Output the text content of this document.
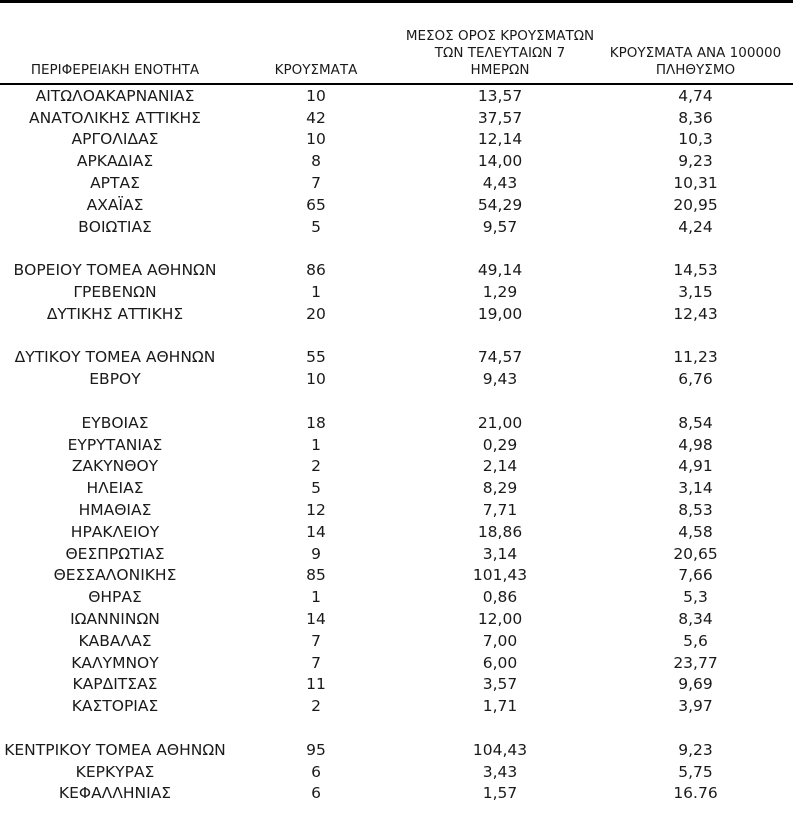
ΠΕΡΙΦΕΡΕΙΑΚΗ ΕΝΟΤΗΤΑ	ΚΡΟΥΣΜΑΤΑ	ΜΕΣΟΣ ΟΡΟΣ ΚΡΟΥΣΜΑΤΩΝ
ΤΩΝ ΤΕΛΕΥΤΑΙΩΝ 7
ΗΜΕΡΩΝ	ΚΡΟΥΣΜΑΤΑ ΑΝΑ 100000
ΠΛΗΘΥΣΜΟ

ΑΙΤΩΛΟΑΚΑΡΝΑΝΙΑΣ	10	13,57	4,74
ΑΝΑΤΟΛΙΚΗΣ ΑΤΤΙΚΗΣ	42	37,57	8,36
ΑΡΓΟΛΙΔΑΣ	10	12,14	10,3
ΑΡΚΑΔΙΑΣ	8	14,00	9,23
ΑΡΤΑΣ	7	4,43	10,31
ΑΧΑΪΑΣ	65	54,29	20,95
ΒΟΙΩΤΙΑΣ	5	9,57	4,24

ΒΟΡΕΙΟΥ ΤΟΜΕΑ ΑΘΗΝΩΝ	86	49,14	14,53
ΓΡΕΒΕΝΩΝ	1	1,29	3,15
ΔΥΤΙΚΗΣ ΑΤΤΙΚΗΣ	20	19,00	12,43

ΔΥΤΙΚΟΥ ΤΟΜΕΑ ΑΘΗΝΩΝ	55	74,57	11,23
ΕΒΡΟΥ	10	9,43	6,76

ΕΥΒΟΙΑΣ	18	21,00	8,54
ΕΥΡΥΤΑΝΙΑΣ	1	0,29	4,98
ΖΑΚΥΝΘΟΥ	2	2,14	4,91
ΗΛΕΙΑΣ	5	8,29	3,14
ΗΜΑΘΙΑΣ	12	7,71	8,53
ΗΡΑΚΛΕΙΟΥ	14	18,86	4,58
ΘΕΣΠΡΩΤΙΑΣ	9	3,14	20,65
ΘΕΣΣΑΛΟΝΙΚΗΣ	85	101,43	7,66
ΘΗΡΑΣ	1	0,86	5,3
ΙΩΑΝΝΙΝΩΝ	14	12,00	8,34
ΚΑΒΑΛΑΣ	7	7,00	5,6
ΚΑΛΥΜΝΟΥ	7	6,00	23,77
ΚΑΡΔΙΤΣΑΣ	11	3,57	9,69
ΚΑΣΤΟΡΙΑΣ	2	1,71	3,97

ΚΕΝΤΡΙΚΟΥ ΤΟΜΕΑ ΑΘΗΝΩΝ	95	104,43	9,23
ΚΕΡΚΥΡΑΣ	6	3,43	5,75
ΚΕΦΑΛΛΗΝΙΑΣ	6	1,57	16.76
